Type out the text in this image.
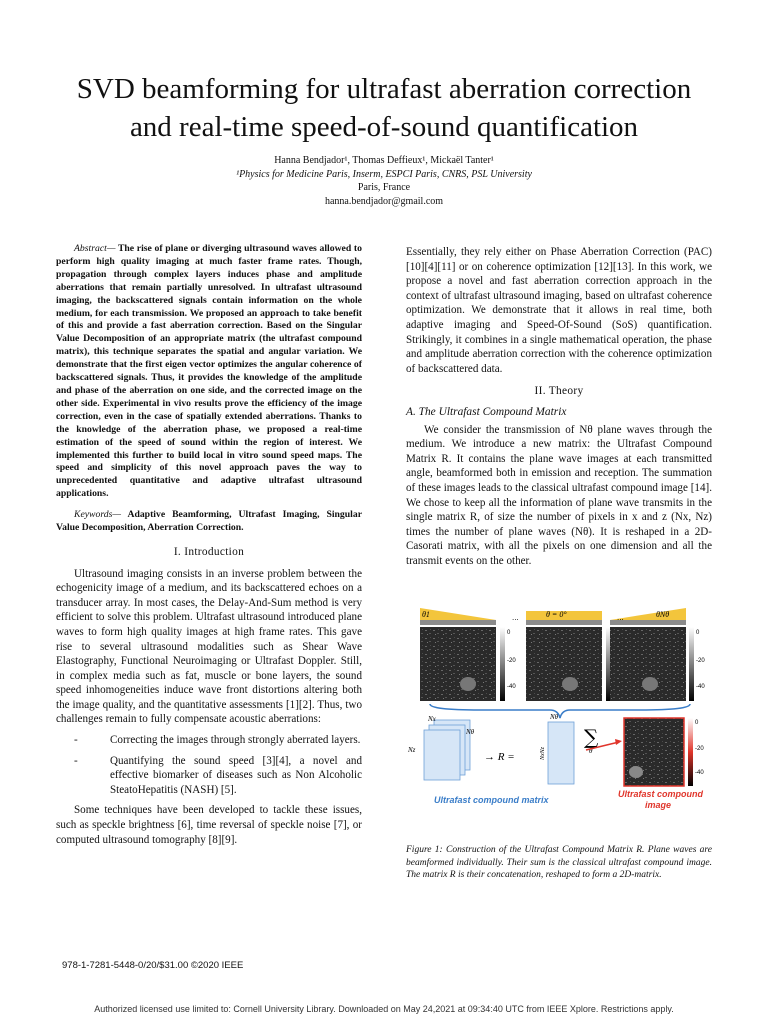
SVD beamforming for ultrafast aberration correction
and real-time speed-of-sound quantification
Hanna Bendjador¹, Thomas Deffieux¹, Mickaël Tanter¹
¹Physics for Medicine Paris, Inserm, ESPCI Paris, CNRS, PSL University
Paris, France
hanna.bendjador@gmail.com

Abstract— The rise of plane or diverging ultrasound waves allowed to perform high quality imaging at much faster frame rates. Though, propagation through complex layers induces phase and amplitude aberrations that remain partially unresolved. In ultrafast ultrasound imaging, the backscattered signals contain information on the whole medium, for each transmission. We proposed an approach to take benefit of this and provide a fast aberration correction. Based on the Singular Value Decomposition of an appropriate matrix (the ultrafast compound matrix), this technique separates the spatial and angular variation. We demonstrate that the first eigen vector optimizes the angular coherence of backscattered signals. Thus, it provides the knowledge of the amplitude and phase of the aberration on one side, and the corrected image on the other side. Experimental in vivo results prove the efficiency of the image correction, even in the case of spatially extended aberrations. Thanks to the knowledge of the aberration phase, we proposed a real-time estimation of the speed of sound within the region of interest. We implemented this further to build local in vitro sound speed maps. The speed and simplicity of this novel approach paves the way to unprecedented quantitative and adaptive ultrafast ultrasound applications.

Keywords— Adaptive Beamforming, Ultrafast Imaging, Singular Value Decomposition, Aberration Correction.

I. Introduction

Ultrasound imaging consists in an inverse problem between the echogenicity image of a medium, and its backscattered echoes on a transducer array. In most cases, the Delay-And-Sum method is very efficient to solve this problem. Ultrafast ultrasound introduced plane waves to form high quality images at high frame rates. This gave rise to several ultrasound modalities such as Shear Wave Elastography, Functional Neuroimaging or Ultrafast Doppler. Still, in complex media such as fat, muscle or bone layers, the sound speed inhomogeneities induce wave front distortions altering both the image quality, and the quantitative assessments [1][2]. Thus, two challenges remain to fully compensate acoustic aberrations:

-	Correcting the images through strongly aberrated layers.
-	Quantifying the sound speed [3][4], a novel and effective biomarker of diseases such as Non Alcoholic SteatoHepatitis (NASH) [5].

Some techniques have been developed to tackle these issues, such as speckle brightness [6], time reversal of speckle noise [7], or computed ultrasound tomography [8][9].

Essentially, they rely either on Phase Aberration Correction (PAC)[10][4][11] or on coherence optimization [12][13]. In this work, we propose a novel and fast aberration correction approach in the context of ultrafast ultrasound imaging, based on ultrafast coherence optimization. We demonstrate that it allows in real time, both adaptive imaging and Speed-Of-Sound (SoS) quantification. Strikingly, it combines in a single mathematical operation, the phase and amplitude aberration correction with the coherence optimization of backscattered data.

II. Theory
A. The Ultrafast Compound Matrix

We consider the transmission of Nθ plane waves through the medium. We introduce a new matrix: the Ultrafast Compound Matrix R. It contains the plane wave images at each transmitted angle, beamformed both in emission and reception. The summation of these images leads to the classical ultrafast compound image [14]. We chose to keep all the information of plane wave transmits in the single matrix R, of size the number of pixels in x and z (Nx, Nz) times the number of plane waves (Nθ). It is reshaped in a 2D-Casorati matrix, with all the pixels on one dimension and all the transmit events on the other.

θ1
0
-20
-40
θ = 0°
...	θNθ
...
0
-20
-40
Nx
Nz
Nθ
→ R =
Nθ
NxNz
∑
θ
0
-20
-40
Ultrafast compound matrix
Ultrafast compound
image
Figure 1: Construction of the Ultrafast Compound Matrix R. Plane waves are beamformed individually. Their sum is the classical ultrafast compound image. The matrix R is their concatenation, reshaped to form a 2D-matrix.
978-1-7281-5448-0/20/$31.00 ©2020 IEEE
Authorized licensed use limited to: Cornell University Library. Downloaded on May 24,2021 at 09:34:40 UTC from IEEE Xplore. Restrictions apply.
